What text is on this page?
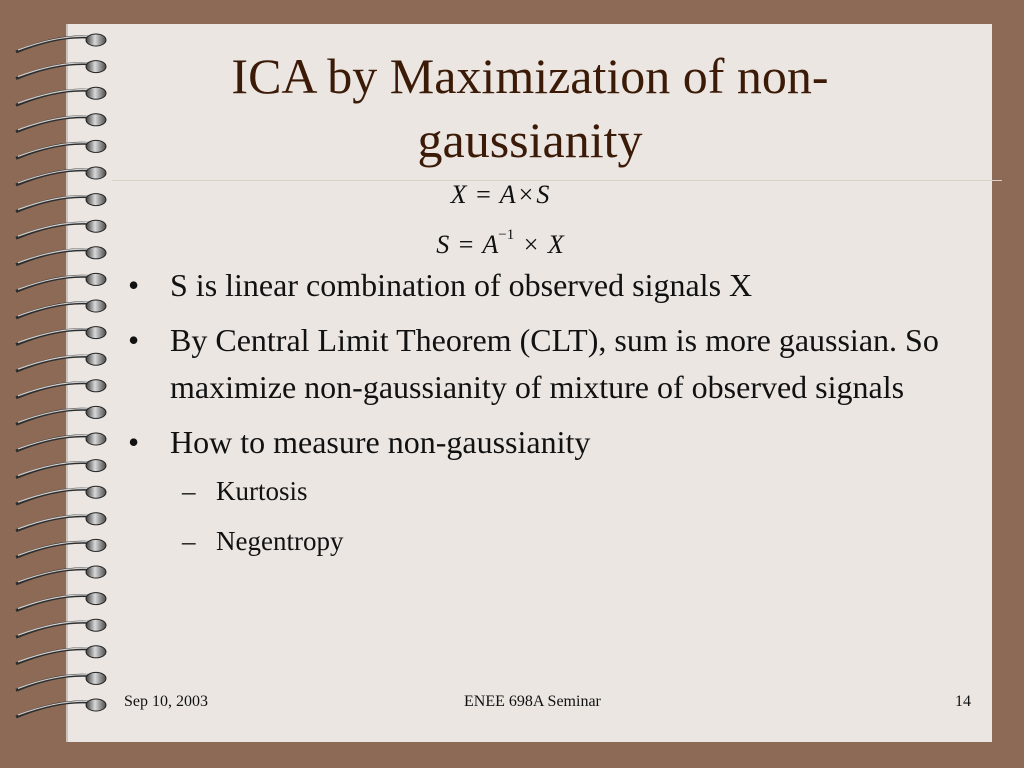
ICA by Maximization of non-
gaussianity
X = A × S
$S = A^{-1} \times X$
• S is linear combination of observed signals X
• By Central Limit Theorem (CLT), sum is more gaussian. So maximize non-gaussianity of mixture of observed signals
• How to measure non-gaussianity
– Kurtosis
– Negentropy
Sep 10, 2003	ENEE 698A Seminar	14
